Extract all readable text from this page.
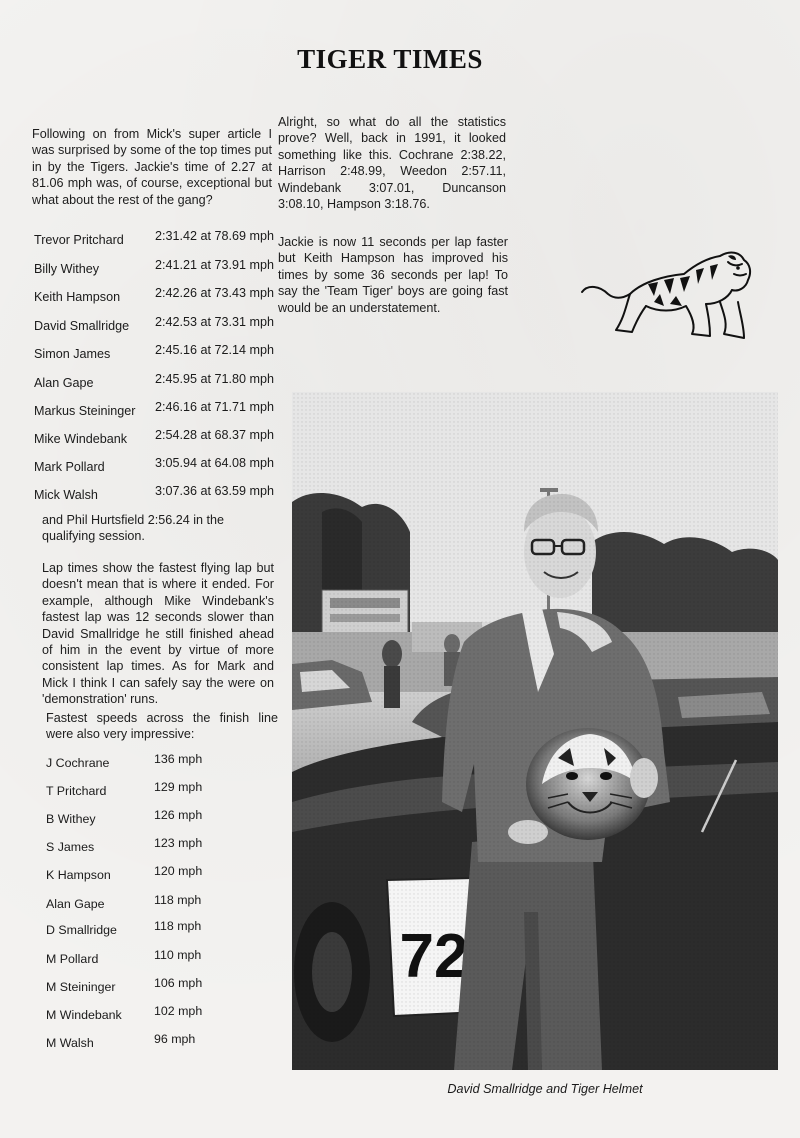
TIGER TIMES
Following on from Mick's super article I was surprised by some of the top times put in by the Tigers. Jackie's time of 2.27 at 81.06 mph was, of course, exceptional but what about the rest of the gang?
Trevor Pritchard 2:31.42 at 78.69 mph
Billy Withey	2:41.21 at 73.91 mph
Keith Hampson	2:42.26 at 73.43 mph
David Smallridge 2:42.53 at 73.31 mph
Simon James	2:45.16 at 72.14 mph
Alan Gape	2:45.95 at 71.80 mph
Markus Steininger 2:46.16 at 71.71 mph
Mike Windebank 2:54.28 at 68.37 mph
Mark Pollard	3:05.94 at 64.08 mph
Mick Walsh	3:07.36 at 63.59 mph
and Phil Hurtsfield 2:56.24 in the qualifying session.
Lap times show the fastest flying lap but doesn't mean that is where it ended. For example, although Mike Windebank's fastest lap was 12 seconds slower than David Smallridge he still finished ahead of him in the event by virtue of more consistent lap times. As for Mark and Mick I think I can safely say the were on 'demonstration' runs.
Fastest speeds across the finish line were also very impressive:
J Cochrane	136 mph
T Pritchard	129 mph
B Withey	126 mph
S James	123 mph
K Hampson	120 mph
Alan Gape	118 mph
D Smallridge	118 mph
M Pollard	110 mph
M Steininger	106 mph
M Windebank	102 mph
M Walsh	96 mph
Alright, so what do all the statistics prove? Well, back in 1991, it looked something like this. Cochrane 2:38.22, Harrison 2:48.99, Weedon 2:57.11, Windebank 3:07.01, Duncanson 3:08.10, Hampson 3:18.76.
Jackie is now 11 seconds per lap faster but Keith Hampson has improved his times by some 36 seconds per lap! To say the 'Team Tiger' boys are going fast would be an understatement.
David Smallridge and Tiger Helmet
